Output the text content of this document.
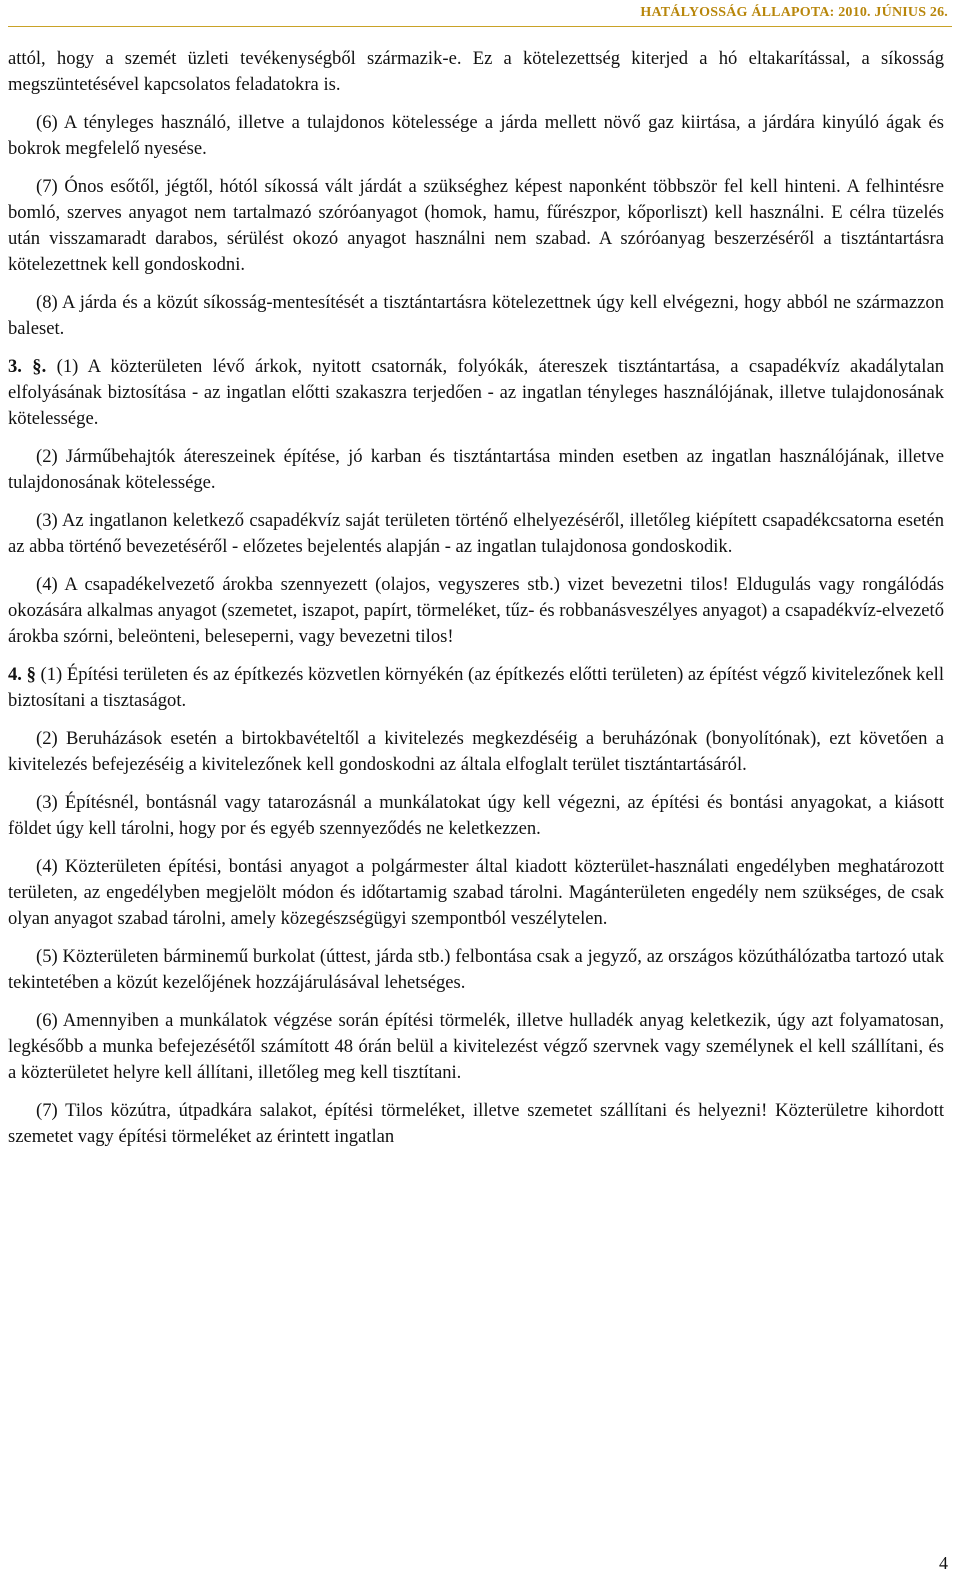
HATÁLYOSSÁG ÁLLAPOTA: 2010. JÚNIUS 26.

attól, hogy a szemét üzleti tevékenységből származik-e. Ez a kötelezettség kiterjed a hó eltakarítással, a síkosság megszüntetésével kapcsolatos feladatokra is.

(6) A tényleges használó, illetve a tulajdonos kötelessége a járda mellett növő gaz kiirtása, a járdára kinyúló ágak és bokrok megfelelő nyesése.

(7) Ónos esőtől, jégtől, hótól síkossá vált járdát a szükséghez képest naponként többször fel kell hinteni. A felhintésre bomló, szerves anyagot nem tartalmazó szóróanyagot (homok, hamu, fűrészpor, kőporliszt) kell használni. E célra tüzelés után visszamaradt darabos, sérülést okozó anyagot használni nem szabad. A szóróanyag beszerzéséről a tisztántartásra kötelezettnek kell gondoskodni.

(8) A járda és a közút síkosság-mentesítését a tisztántartásra kötelezettnek úgy kell elvégezni, hogy abból ne származzon baleset.

3. §. (1) A közterületen lévő árkok, nyitott csatornák, folyókák, átereszek tisztántartása, a csapadékvíz akadálytalan elfolyásának biztosítása - az ingatlan előtti szakaszra terjedően - az ingatlan tényleges használójának, illetve tulajdonosának kötelessége.

(2) Járműbehajtók átereszeinek építése, jó karban és tisztántartása minden esetben az ingatlan használójának, illetve tulajdonosának kötelessége.

(3) Az ingatlanon keletkező csapadékvíz saját területen történő elhelyezéséről, illetőleg kiépített csapadékcsatorna esetén az abba történő bevezetéséről - előzetes bejelentés alapján - az ingatlan tulajdonosa gondoskodik.

(4) A csapadékelvezető árokba szennyezett (olajos, vegyszeres stb.) vizet bevezetni tilos! Eldugulás vagy rongálódás okozására alkalmas anyagot (szemetet, iszapot, papírt, törmeléket, tűz- és robbanásveszélyes anyagot) a csapadékvíz-elvezető árokba szórni, beleönteni, beleseperni, vagy bevezetni tilos!

4. § (1) Építési területen és az építkezés közvetlen környékén (az építkezés előtti területen) az építést végző kivitelezőnek kell biztosítani a tisztaságot.

(2) Beruházások esetén a birtokbavételtől a kivitelezés megkezdéséig a beruházónak (bonyolítónak), ezt követően a kivitelezés befejezéséig a kivitelezőnek kell gondoskodni az általa elfoglalt terület tisztántartásáról.

(3) Építésnél, bontásnál vagy tatarozásnál a munkálatokat úgy kell végezni, az építési és bontási anyagokat, a kiásott földet úgy kell tárolni, hogy por és egyéb szennyeződés ne keletkezzen.

(4) Közterületen építési, bontási anyagot a polgármester által kiadott közterület-használati engedélyben meghatározott területen, az engedélyben megjelölt módon és időtartamig szabad tárolni. Magánterületen engedély nem szükséges, de csak olyan anyagot szabad tárolni, amely közegészségügyi szempontból veszélytelen.

(5) Közterületen bárminemű burkolat (úttest, járda stb.) felbontása csak a jegyző, az országos közúthálózatba tartozó utak tekintetében a közút kezelőjének hozzájárulásával lehetséges.

(6) Amennyiben a munkálatok végzése során építési törmelék, illetve hulladék anyag keletkezik, úgy azt folyamatosan, legkésőbb a munka befejezésétől számított 48 órán belül a kivitelezést végző szervnek vagy személynek el kell szállítani, és a közterületet helyre kell állítani, illetőleg meg kell tisztítani.

(7) Tilos közútra, útpadkára salakot, építési törmeléket, illetve szemetet szállítani és helyezni! Közterületre kihordott szemetet vagy építési törmeléket az érintett ingatlan

4
